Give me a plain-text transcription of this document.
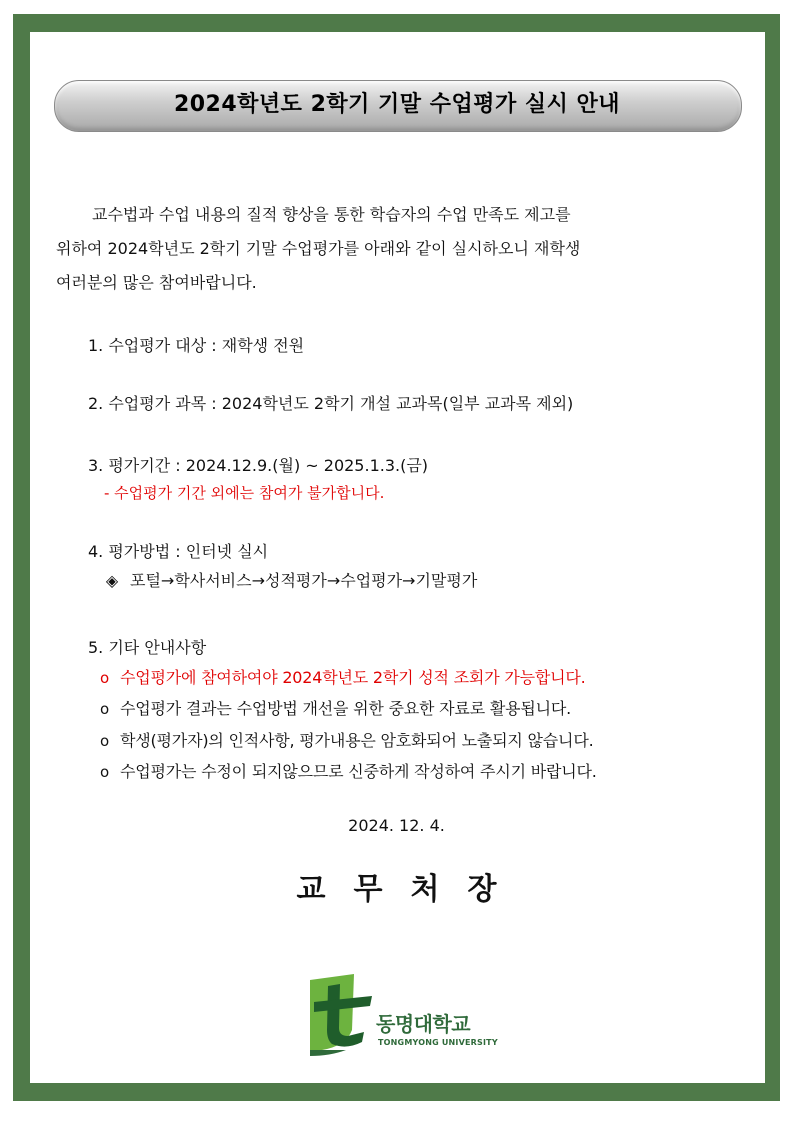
2024학년도 2학기 기말 수업평가 실시 안내
교수법과 수업 내용의 질적 향상을 통한 학습자의 수업 만족도 제고를
위하여 2024학년도 2학기 기말 수업평가를 아래와 같이 실시하오니 재학생
여러분의 많은 참여바랍니다.
1. 수업평가 대상 : 재학생 전원
2. 수업평가 과목 : 2024학년도 2학기 개설 교과목(일부 교과목 제외)
3. 평가기간 : 2024.12.9.(월) ~ 2025.1.3.(금)
- 수업평가 기간 외에는 참여가 불가합니다.
4. 평가방법 : 인터넷 실시
◈ 포털→학사서비스→성적평가→수업평가→기말평가
5. 기타 안내사항
o 수업평가에 참여하여야 2024학년도 2학기 성적 조회가 가능합니다.
o 수업평가 결과는 수업방법 개선을 위한 중요한 자료로 활용됩니다.
o 학생(평가자)의 인적사항, 평가내용은 암호화되어 노출되지 않습니다.
o 수업평가는 수정이 되지않으므로 신중하게 작성하여 주시기 바랍니다.
2024. 12. 4.
교무처장
동명대학교
TONGMYONG UNIVERSITY
